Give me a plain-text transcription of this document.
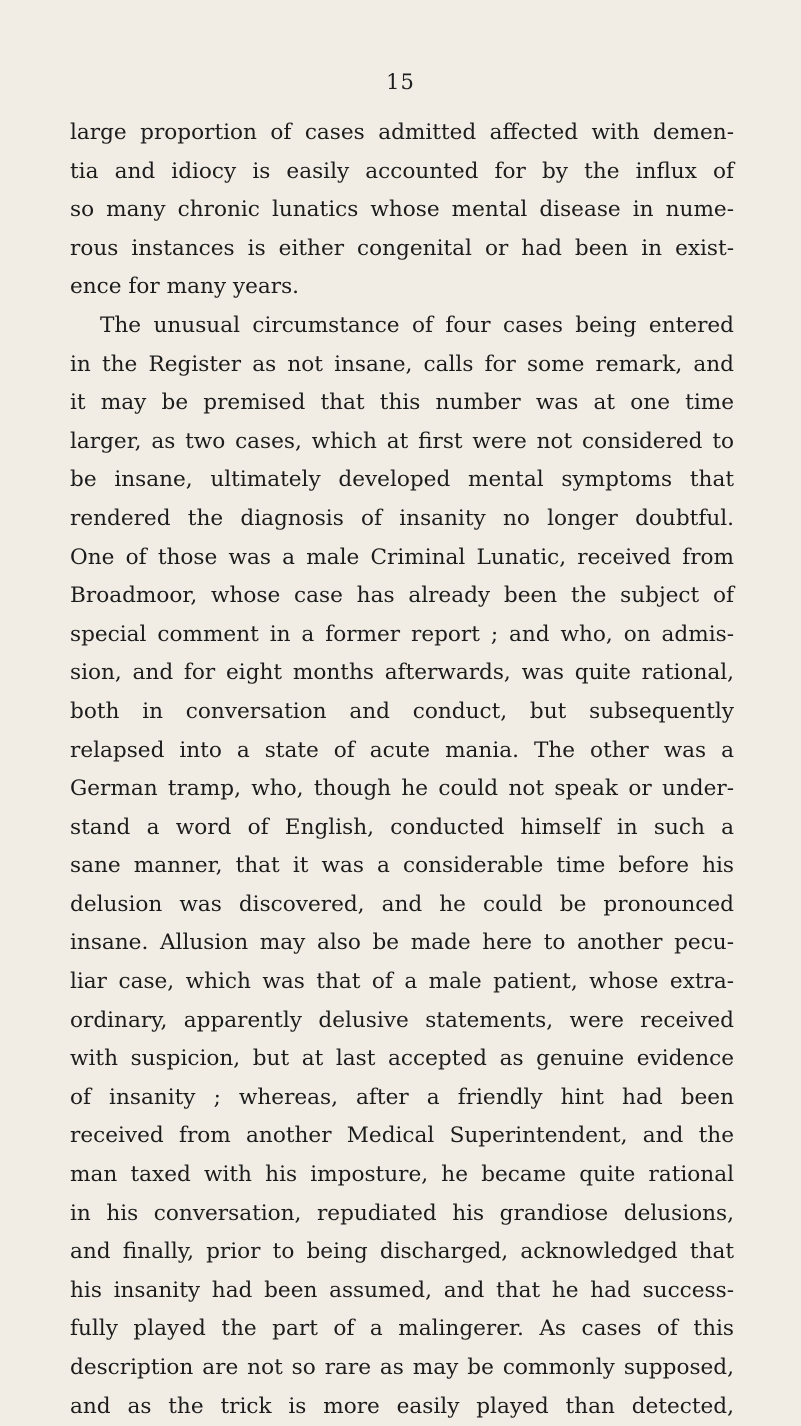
15
large proportion of cases admitted affected with demen-
tia and idiocy is easily accounted for by the influx of
so many chronic lunatics whose mental disease in nume-
rous instances is either congenital or had been in exist-
ence for many years.
The unusual circumstance of four cases being entered
in the Register as not insane, calls for some remark, and
it may be premised that this number was at one time
larger, as two cases, which at first were not considered to
be insane, ultimately developed mental symptoms that
rendered the diagnosis of insanity no longer doubtful.
One of those was a male Criminal Lunatic, received from
Broadmoor, whose case has already been the subject of
special comment in a former report ; and who, on admis-
sion, and for eight months afterwards, was quite rational,
both in conversation and conduct, but subsequently
relapsed into a state of acute mania. The other was a
German tramp, who, though he could not speak or under-
stand a word of English, conducted himself in such a
sane manner, that it was a considerable time before his
delusion was discovered, and he could be pronounced
insane. Allusion may also be made here to another pecu-
liar case, which was that of a male patient, whose extra-
ordinary, apparently delusive statements, were received
with suspicion, but at last accepted as genuine evidence
of insanity ; whereas, after a friendly hint had been
received from another Medical Superintendent, and the
man taxed with his imposture, he became quite rational
in his conversation, repudiated his grandiose delusions,
and finally, prior to being discharged, acknowledged that
his insanity had been assumed, and that he had success-
fully played the part of a malingerer. As cases of this
description are not so rare as may be commonly supposed,
and as the trick is more easily played than detected,
